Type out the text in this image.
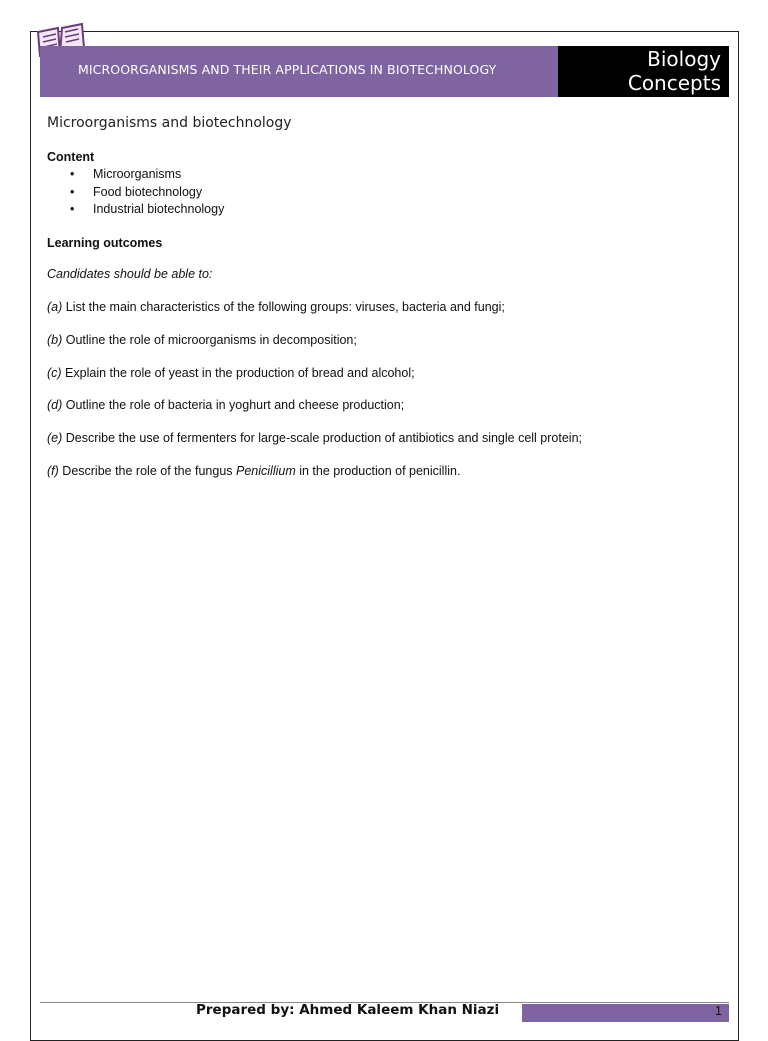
MICROORGANISMS AND THEIR APPLICATIONS IN BIOTECHNOLOGY	Biology
Concepts
Microorganisms and biotechnology
Content
• Microorganisms
• Food biotechnology
• Industrial biotechnology
Learning outcomes
Candidates should be able to:
(a) List the main characteristics of the following groups: viruses, bacteria and fungi;
(b) Outline the role of microorganisms in decomposition;
(c) Explain the role of yeast in the production of bread and alcohol;
(d) Outline the role of bacteria in yoghurt and cheese production;
(e) Describe the use of fermenters for large-scale production of antibiotics and single cell protein;
(f) Describe the role of the fungus Penicillium in the production of penicillin.
Prepared by: Ahmed Kaleem Khan Niazi	1
